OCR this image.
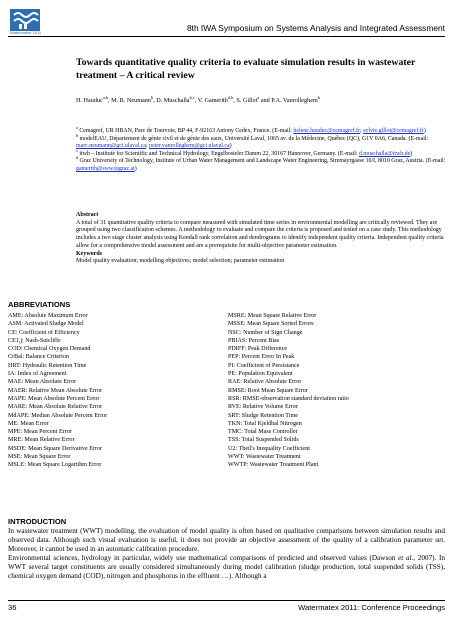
Watermatex 2011	8th IWA Symposium on Systems Analysis and Integrated Assessment
Towards quantitative quality criteria to evaluate simulation results in wastewater treatment – A critical review
H. Hauduc$^{a,b}$, M. B. Neumann$^b$, D. Muschalla$^{b,c}$, V. Gamerith$^{d,b}$, S. Gillot$^a$ and P.A. Vanrolleghem$^b$
$^a$ Cemagref, UR HBAN, Parc de Tourvoie, BP 44, F-92163 Antony Cedex, France. (E-mail: helene.hauduc@cemagref.fr; sylvie.gillot@cemagref.fr)
$^b$ modelEAU, Département de génie civil et de génie des eaux, Université Laval, 1065 av. de la Médecine, Québec (QC), G1V 0A6, Canada. (E-mail: marc.neumann@gci.ulaval.ca; peter.vanrolleghem@gci.ulaval.ca)
$^c$ itwh – Institute for Scientific and Technical Hydrology, Engelbosteler Damm 22, 30167 Hannover, Germany. (E-mail: d.muschalla@itwh.de)
$^d$ Graz University of Technology, Institute of Urban Water Management and Landscape Water Engineering, Stremayrgasse 10/I, 8010 Graz, Austria. (E-mail: gamerith@sww.tugraz.at)
Abstract
A total of 31 quantitative quality criteria to compare measured with simulated time series in environmental modelling are critically reviewed. They are grouped using two classification schemes. A methodology to evaluate and compare the criteria is proposed and tested on a case study. This methodology includes a two stage cluster analysis using Kendall rank correlation and dendrograms to identify independent quality criteria. Independent quality criteria allow for a comprehensive model assessment and are a prerequisite for multi-objective parameter estimation.
Keywords
Model quality evaluation; modelling objectives; model selection; parameter estimation
ABBREVIATIONS
AME: Absolute Maximum Error
ASM: Activated Sludge Model
CE: Coefficient of Efficiency
CE1,j: Nash-Sutcliffe
COD: Chemical Oxygen Demand
CrBal: Balance Criterion
HRT: Hydraulic Retention Time
IA: Index of Agreement
MAE: Mean Absolute Error
MAER: Relative Mean Absolute Error
MAPE: Mean Absolute Percent Error
MARE: Mean Absolute Relative Error
MdAPE: Median Absolute Percent Error
ME: Mean Error
MPE: Mean Percent Error
MRE: Mean Relative Error
MSDE: Mean Square Derivative Error
MSE: Mean Square Error
MSLE: Mean Square Logarithm Error
MSRE: Mean Square Relative Error
MSSE: Mean Square Sorted Errors
NSC: Number of Sign Change
PBIAS: Percent Bias
PDIFF: Peak Difference
PEP: Percent Error In Peak
PI: Coefficient of Persistance
PE: Population Equivalent
RAE: Relative Absolute Error
RMSE: Root Mean Square Error
RSR: RMSE-observation standard deviation ratio
RVE: Relative Volume Error
SRT: Sludge Retention Time
TKN: Total Kjeldhal Nitrogen
TMC: Total Mass Controller
TSS: Total Suspended Solids
U2: Theil's Inequality Coefficient
WWT: Wastewater Treatment
WWTP: Wastewater Treatment Plant
INTRODUCTION
In wastewater treatment (WWT) modelling, the evaluation of model quality is often based on qualitative comparisons between simulation results and observed data. Although such visual evaluation is useful, it does not provide an objective assessment of the quality of a calibration parameter set. Moreover, it cannot be used in an automatic calibration procedure.
Environmental sciences, hydrology in particular, widely use mathematical comparisons of predicted and observed values (Dawson et al., 2007). In WWT several target constituents are usually considered simultaneously during model calibration (sludge production, total suspended solids (TSS), chemical oxygen demand (COD), nitrogen and phosphorus in the effluent …). Although a
36	Watermatex 2011: Conference Proceedings
